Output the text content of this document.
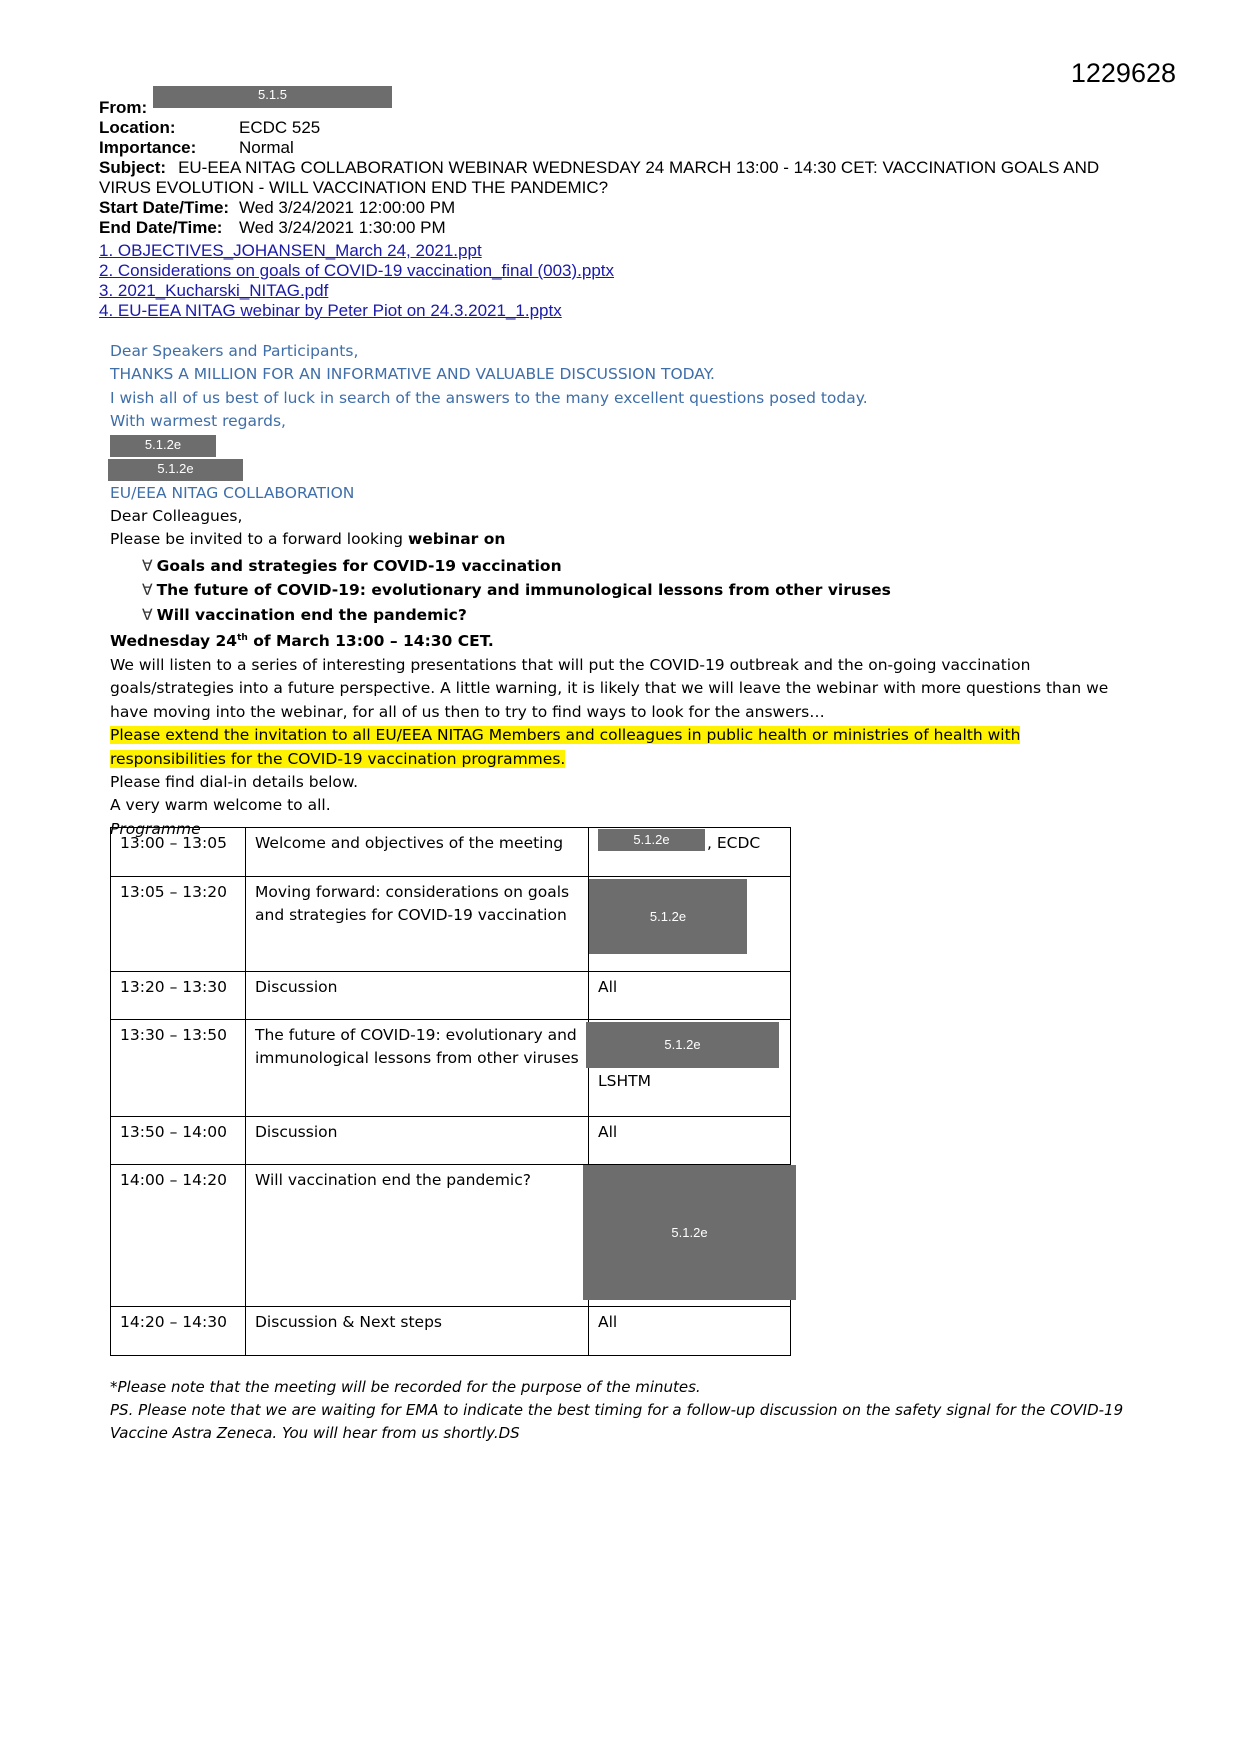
1229628
From:
5.1.5
Location:	ECDC 525
Importance:	Normal
Subject: EU-EEA NITAG COLLABORATION WEBINAR WEDNESDAY 24 MARCH 13:00 - 14:30 CET: VACCINATION GOALS AND VIRUS EVOLUTION - WILL VACCINATION END THE PANDEMIC?
Start Date/Time: Wed 3/24/2021 12:00:00 PM
End Date/Time: Wed 3/24/2021 1:30:00 PM
1. OBJECTIVES_JOHANSEN_March 24, 2021.ppt
2. Considerations on goals of COVID-19 vaccination_final (003).pptx
3. 2021_Kucharski_NITAG.pdf
4. EU-EEA NITAG webinar by Peter Piot on 24.3.2021_1.pptx
Dear Speakers and Participants,
THANKS A MILLION FOR AN INFORMATIVE AND VALUABLE DISCUSSION TODAY.
I wish all of us best of luck in search of the answers to the many excellent questions posed today.
With warmest regards,
5.1.2e
5.1.2e
EU/EEA NITAG COLLABORATION
Dear Colleagues,
Please be invited to a forward looking webinar on
∀ Goals and strategies for COVID-19 vaccination
∀ The future of COVID-19: evolutionary and immunological lessons from other viruses
∀ Will vaccination end the pandemic?
Wednesday 24th of March 13:00 – 14:30 CET.
We will listen to a series of interesting presentations that will put the COVID-19 outbreak and the on-going vaccination goals/strategies into a future perspective. A little warning, it is likely that we will leave the webinar with more questions than we have moving into the webinar, for all of us then to try to find ways to look for the answers…
Please extend the invitation to all EU/EEA NITAG Members and colleagues in public health or ministries of health with responsibilities for the COVID-19 vaccination programmes.
Please find dial-in details below.
A very warm welcome to all.
Programme
13:00 – 13:05	Welcome and objectives of the meeting	5.1.2e , ECDC

13:05 – 13:20	Moving forward: considerations on goals and strategies for COVID-19 vaccination	5.1.2e

13:20 – 13:30	Discussion	All
13:30 – 13:50	The future of COVID-19: evolutionary and immunological lessons from other viruses	5.1.2e
LSHTM

13:50 – 14:00	Discussion	All
14:00 – 14:20	Will vaccination end the pandemic?	5.1.2e

14:20 – 14:30	Discussion & Next steps	All
*Please note that the meeting will be recorded for the purpose of the minutes.
PS. Please note that we are waiting for EMA to indicate the best timing for a follow-up discussion on the safety signal for the COVID-19 Vaccine Astra Zeneca. You will hear from us shortly.DS
